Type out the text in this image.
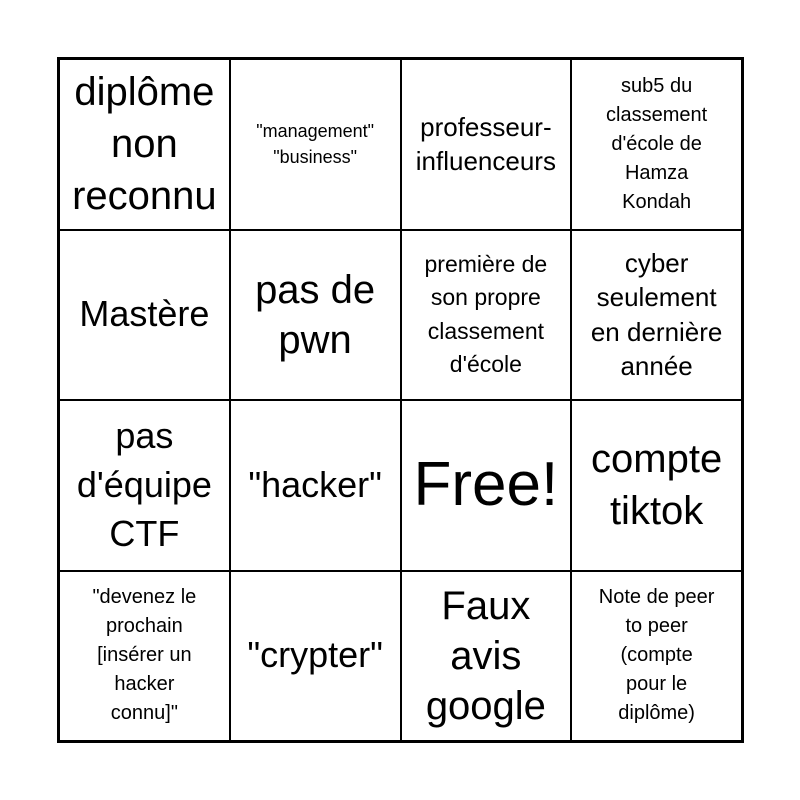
diplôme
non
reconnu
"management"
"business"
professeur-
influenceurs
sub5 du
classement
d'école de
Hamza
Kondah
Mastère
pas de
pwn
première de
son propre
classement
d'école
cyber
seulement
en dernière
année
pas
d'équipe
CTF
"hacker" Free! compte
tiktok
"devenez le
prochain
[insérer un
hacker
connu]"
"crypter"
Faux
avis
google
Note de peer
to peer
(compte
pour le
diplôme)
